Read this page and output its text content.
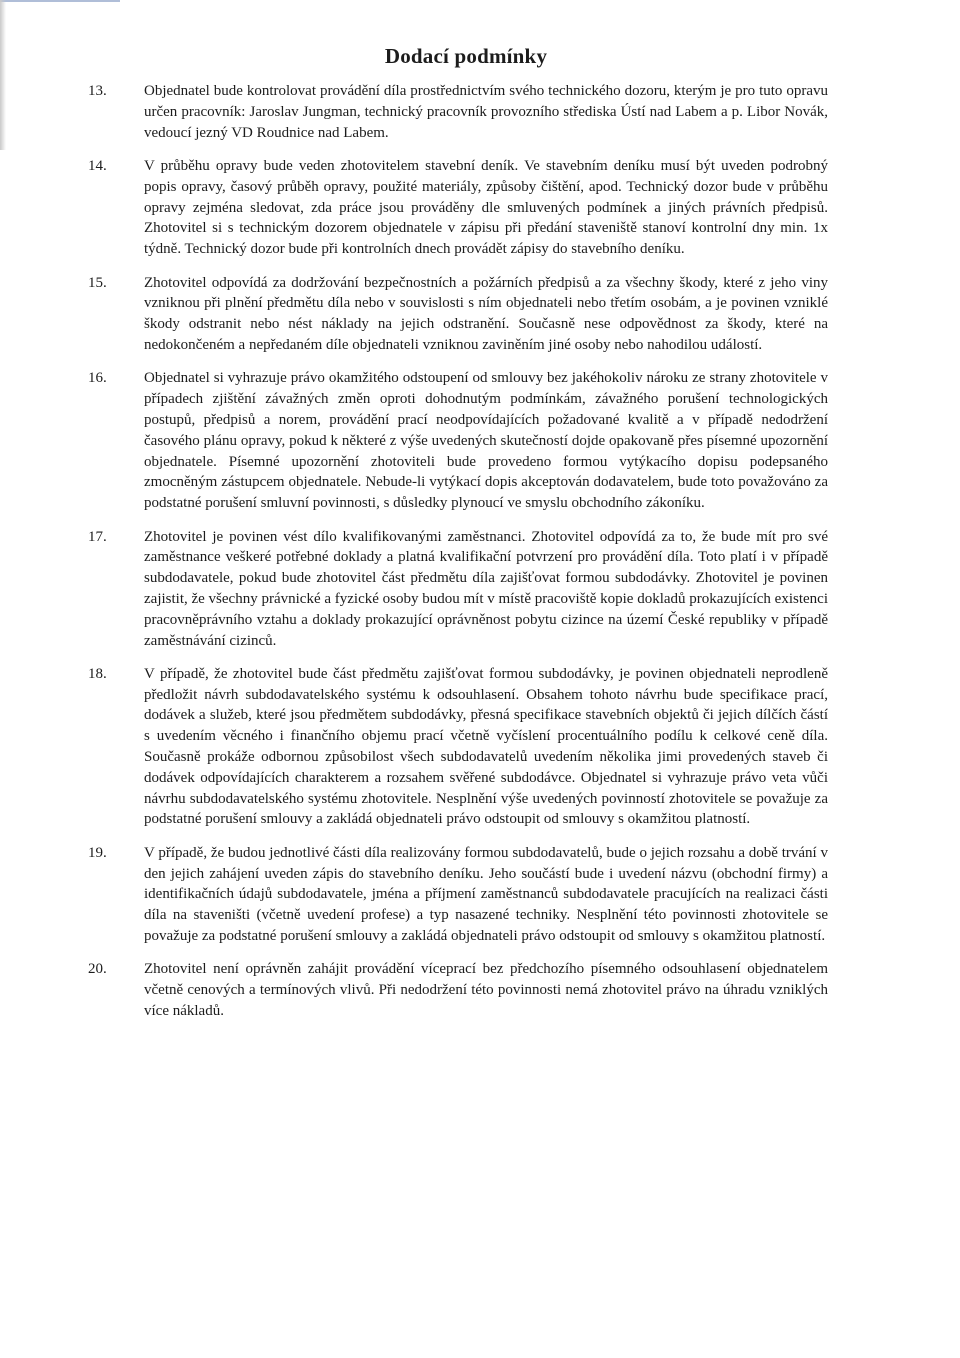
Dodací podmínky
13.	Objednatel bude kontrolovat provádění díla prostřednictvím svého technického dozoru, kterým je pro tuto opravu určen pracovník: Jaroslav Jungman, technický pracovník provozního střediska Ústí nad Labem a p. Libor Novák, vedoucí jezný VD Roudnice nad Labem.
14.	V průběhu opravy bude veden zhotovitelem stavební deník. Ve stavebním deníku musí být uveden podrobný popis opravy, časový průběh opravy, použité materiály, způsoby čištění, apod. Technický dozor bude v průběhu opravy zejména sledovat, zda práce jsou prováděny dle smluvených podmínek a jiných právních předpisů. Zhotovitel si s technickým dozorem objednatele v zápisu při předání staveniště stanoví kontrolní dny min. 1x týdně. Technický dozor bude při kontrolních dnech provádět zápisy do stavebního deníku.
15.	Zhotovitel odpovídá za dodržování bezpečnostních a požárních předpisů a za všechny škody, které z jeho viny vzniknou při plnění předmětu díla nebo v souvislosti s ním objednateli nebo třetím osobám, a je povinen vzniklé škody odstranit nebo nést náklady na jejich odstranění. Současně nese odpovědnost za škody, které na nedokončeném a nepředaném díle objednateli vzniknou zaviněním jiné osoby nebo nahodilou událostí.
16.	Objednatel si vyhrazuje právo okamžitého odstoupení od smlouvy bez jakéhokoliv nároku ze strany zhotovitele v případech zjištění závažných změn oproti dohodnutým podmínkám, závažného porušení technologických postupů, předpisů a norem, provádění prací neodpovídajících požadované kvalitě a v případě nedodržení časového plánu opravy, pokud k některé z výše uvedených skutečností dojde opakovaně přes písemné upozornění objednatele. Písemné upozornění zhotoviteli bude provedeno formou vytýkacího dopisu podepsaného zmocněným zástupcem objednatele. Nebude-li vytýkací dopis akceptován dodavatelem, bude toto považováno za podstatné porušení smluvní povinnosti, s důsledky plynoucí ve smyslu obchodního zákoníku.
17.	Zhotovitel je povinen vést dílo kvalifikovanými zaměstnanci. Zhotovitel odpovídá za to, že bude mít pro své zaměstnance veškeré potřebné doklady a platná kvalifikační potvrzení pro provádění díla. Toto platí i v případě subdodavatele, pokud bude zhotovitel část předmětu díla zajišťovat formou subdodávky. Zhotovitel je povinen zajistit, že všechny právnické a fyzické osoby budou mít v místě pracoviště kopie dokladů prokazujících existenci pracovněprávního vztahu a doklady prokazující oprávněnost pobytu cizince na území České republiky v případě zaměstnávání cizinců.
18.	V případě, že zhotovitel bude část předmětu zajišťovat formou subdodávky, je povinen objednateli neprodleně předložit návrh subdodavatelského systému k odsouhlasení. Obsahem tohoto návrhu bude specifikace prací, dodávek a služeb, které jsou předmětem subdodávky, přesná specifikace stavebních objektů či jejich dílčích částí s uvedením věcného i finančního objemu prací včetně vyčíslení procentuálního podílu k celkové ceně díla. Současně prokáže odbornou způsobilost všech subdodavatelů uvedením několika jimi provedených staveb či dodávek odpovídajících charakterem a rozsahem svěřené subdodávce. Objednatel si vyhrazuje právo veta vůči návrhu subdodavatelského systému zhotovitele. Nesplnění výše uvedených povinností zhotovitele se považuje za podstatné porušení smlouvy a zakládá objednateli právo odstoupit od smlouvy s okamžitou platností.
19.	V případě, že budou jednotlivé části díla realizovány formou subdodavatelů, bude o jejich rozsahu a době trvání v den jejich zahájení uveden zápis do stavebního deníku. Jeho součástí bude i uvedení názvu (obchodní firmy) a identifikačních údajů subdodavatele, jména a příjmení zaměstnanců subdodavatele pracujících na realizaci části díla na staveništi (včetně uvedení profese) a typ nasazené techniky. Nesplnění této povinnosti zhotovitele se považuje za podstatné porušení smlouvy a zakládá objednateli právo odstoupit od smlouvy s okamžitou platností.
20.	Zhotovitel není oprávněn zahájit provádění víceprací bez předchozího písemného odsouhlasení objednatelem včetně cenových a termínových vlivů. Při nedodržení této povinnosti nemá zhotovitel právo na úhradu vzniklých více nákladů.
